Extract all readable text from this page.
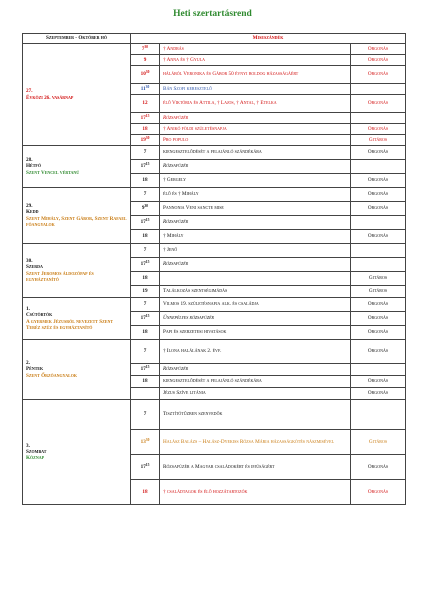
Heti szertartásrend
Szeptember - Október hó	Miseszándék		

27.
Évközi 26. vasárnap	$7^{30}$	† András	Orgonás
	9	† Anna és † Gyula	Orgonás
	$10^{30}$	hálából Veronika és Gábor 50 évnyi boldog házasságáért	Orgonás
	$11^{30}$	Bán Szofi keresztelő	
	12	élő Viktória és Attila, † Lajos, † Antal, † Etelka	Orgonás
	$17^{15}$	Rózsafüzér	
	18	† Anikó földi születésnapja	Orgonás
	$19^{30}$	Pro populo	Gitáros

28.
Hétfő
Szent Vencel vértanú	7	kiengesztelődését a felajánló szándékára	Orgonás
	$17^{15}$	Rózsafüzér	
	18	† Gergely	Orgonás

29.
Kedd
Szent Mihály, Szent Gábor, Szent Rafael főangyalok	7	élő és † Mihály	Orgonás
	$9^{30}$	Pannonia Veni sancte mise	Orgonás
	$17^{15}$	Rózsafüzér	
	18	† Mihály	Orgonás

30.
Szerda
Szent Jeromos áldozópap és egyháztanító	7	† Jenő	
	$17^{15}$	Rózsafüzér	
	18		Gitáros
	19	Találkozás szentségimádás	Gitáros

1.
Csütörtök
A gyermek Jézusról nevezett Szent Teréz szűz és egyháztanító	7	Vilmos 19. születésnapja alk. és családja	Orgonás
	$17^{15}$	Ünnepélyes rózsafüzér	Orgonás
	18	Papi és szerzetesi hivatások	Orgonás

2.
Péntek
Szent Őrzőangyalok	7	† Ilona halálának 2. évf.	Orgonás
	$17^{15}$	Rózsafüzér	
	18	kiengesztelődését a felajánló szándékára	Orgonás
		Jézus Szíve litánia	Orgonás

3.
Szombat
Köznap	7	Tisztítótűzben szenvedők	
	$13^{30}$	Halász Balázs – Halász-Dyekiss Rózsa Mária házasságkötés nászmisével	Gitáros
	$17^{15}$	Rózsafüzér a Magyar családokért és ifjúságért	Orgonás
	18	† családtagok és élő hozzátartozók	Orgonás
